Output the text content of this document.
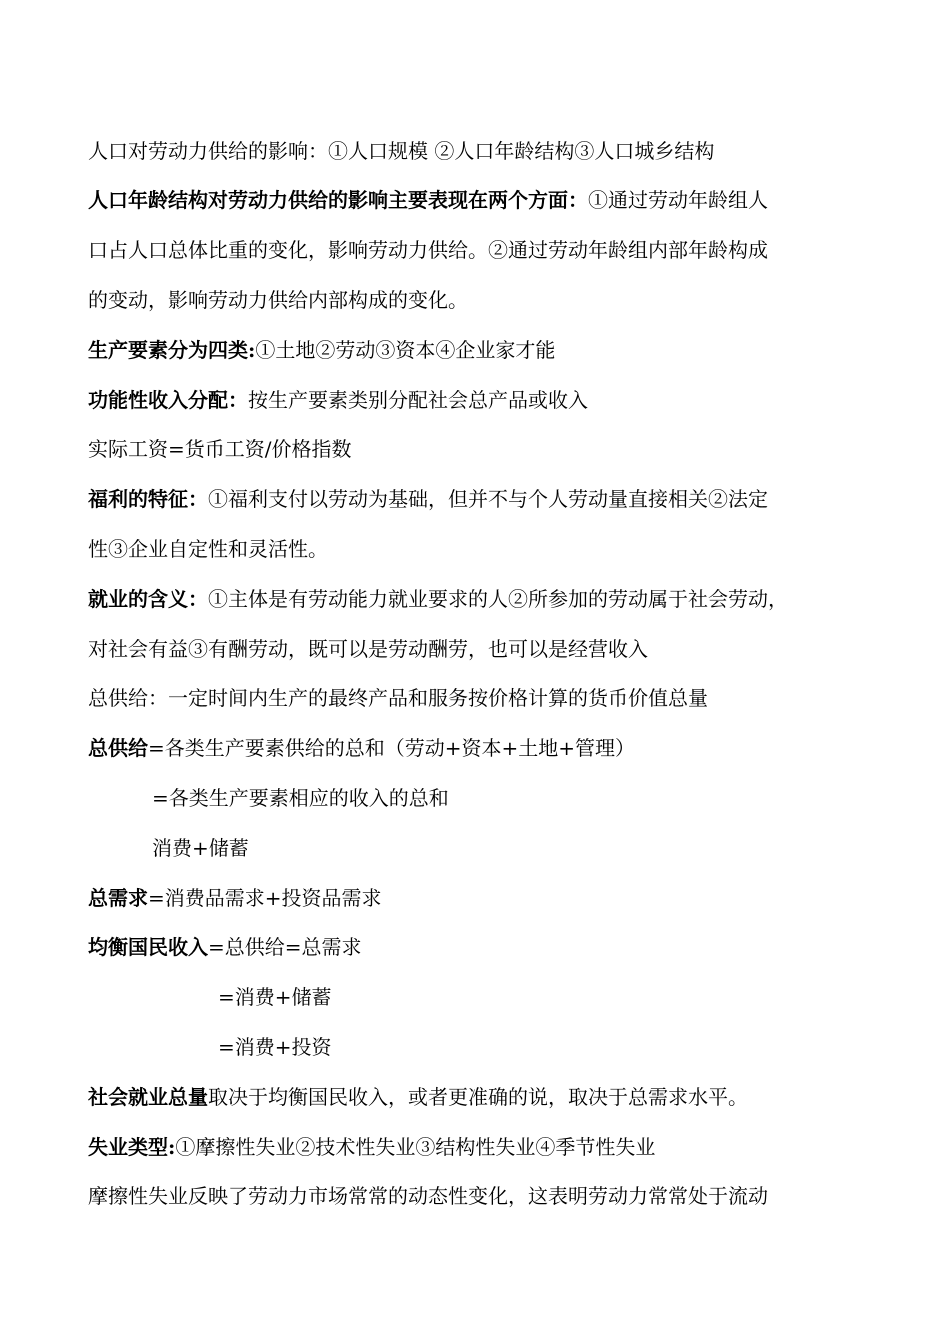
人口对劳动力供给的影响：①人口规模 ②人口年龄结构③人口城乡结构
人口年龄结构对劳动力供给的影响主要表现在两个方面：①通过劳动年龄组人
口占人口总体比重的变化，影响劳动力供给。②通过劳动年龄组内部年龄构成
的变动，影响劳动力供给内部构成的变化。
生产要素分为四类:①土地②劳动③资本④企业家才能
功能性收入分配：按生产要素类别分配社会总产品或收入
实际工资=货币工资/价格指数
福利的特征：①福利支付以劳动为基础，但并不与个人劳动量直接相关②法定
性③企业自定性和灵活性。
就业的含义：①主体是有劳动能力就业要求的人②所参加的劳动属于社会劳动，
对社会有益③有酬劳动，既可以是劳动酬劳，也可以是经营收入
总供给：一定时间内生产的最终产品和服务按价格计算的货币价值总量
总供给=各类生产要素供给的总和（劳动+资本+土地+管理）
=各类生产要素相应的收入的总和
消费+储蓄
总需求=消费品需求+投资品需求
均衡国民收入=总供给=总需求
=消费+储蓄
=消费+投资
社会就业总量取决于均衡国民收入，或者更准确的说，取决于总需求水平。
失业类型:①摩擦性失业②技术性失业③结构性失业④季节性失业
摩擦性失业反映了劳动力市场常常的动态性变化，这表明劳动力常常处于流动
